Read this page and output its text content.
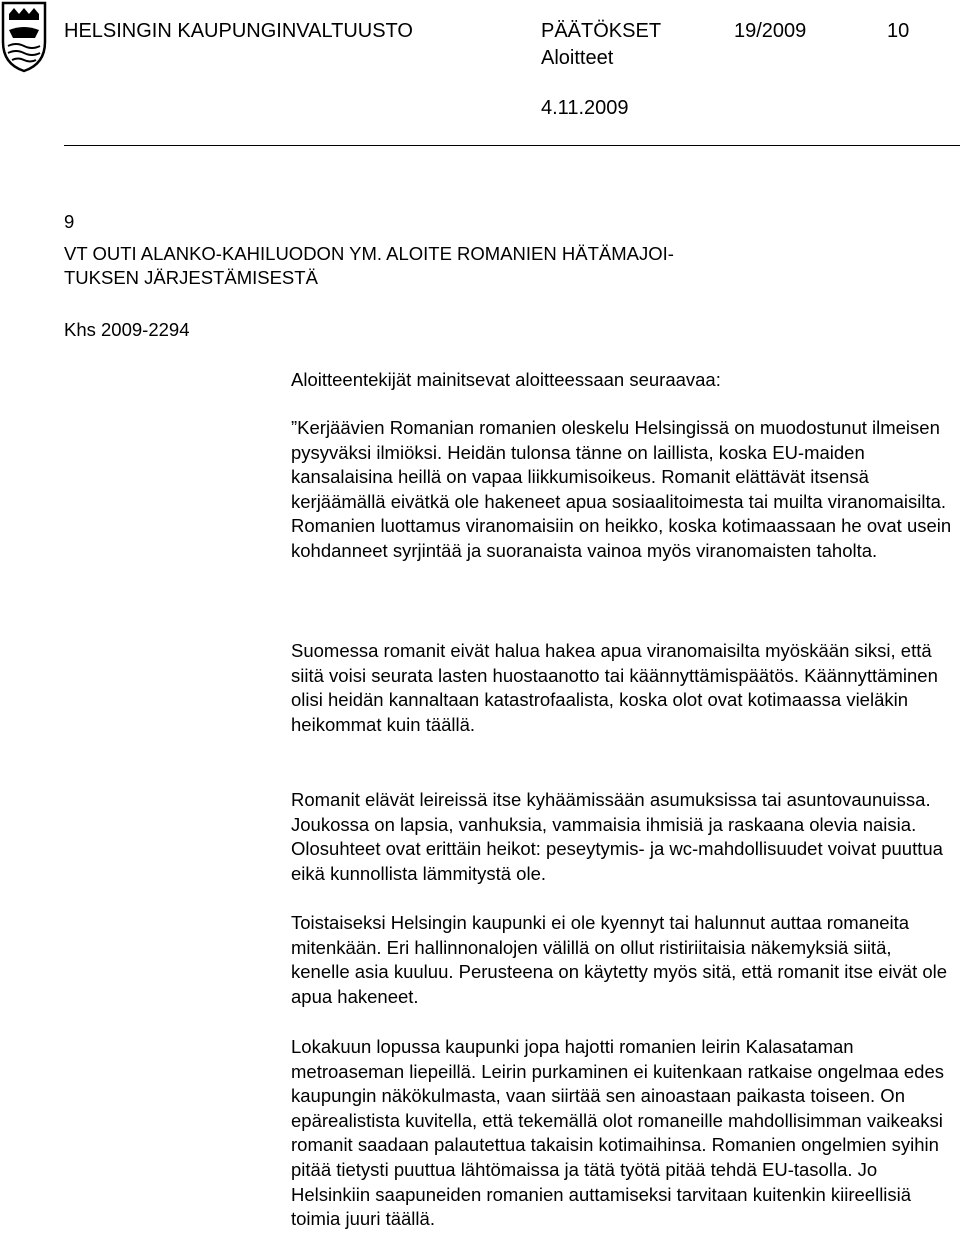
HELSINGIN KAUPUNGINVALTUUSTO	PÄÄTÖKSET	19/2009	10
Aloitteet
4.11.2009
9
VT OUTI ALANKO-KAHILUODON YM. ALOITE ROMANIEN HÄTÄMAJOI-
TUKSEN JÄRJESTÄMISESTÄ
Khs 2009-2294
Aloitteentekijät mainitsevat aloitteessaan seuraavaa:
”Kerjäävien Romanian romanien oleskelu Helsingissä on muodostunut ilmeisen pysyväksi ilmiöksi. Heidän tulonsa tänne on laillista, koska EU-maiden kansalaisina heillä on vapaa liikkumisoikeus. Romanit elättävät itsensä kerjäämällä eivätkä ole hakeneet apua sosiaalitoimesta tai muilta viranomaisilta. Romanien luottamus viranomaisiin on heikko, koska kotimaassaan he ovat usein kohdanneet syrjintää ja suoranaista vainoa myös viranomaisten taholta.
Suomessa romanit eivät halua hakea apua viranomaisilta myöskään siksi, että siitä voisi seurata lasten huostaanotto tai käännyttämispäätös. Käännyttäminen olisi heidän kannaltaan katastrofaalista, koska olot ovat kotimaassa vieläkin heikommat kuin täällä.
Romanit elävät leireissä itse kyhäämissään asumuksissa tai asuntovaunuissa. Joukossa on lapsia, vanhuksia, vammaisia ihmisiä ja raskaana olevia naisia. Olosuhteet ovat erittäin heikot: peseytymis- ja wc-mahdollisuudet voivat puuttua eikä kunnollista lämmitystä ole.
Toistaiseksi Helsingin kaupunki ei ole kyennyt tai halunnut auttaa romaneita mitenkään. Eri hallinnonalojen välillä on ollut ristiriitaisia näkemyksiä siitä, kenelle asia kuuluu. Perusteena on käytetty myös sitä, että romanit itse eivät ole apua hakeneet.
Lokakuun lopussa kaupunki jopa hajotti romanien leirin Kalasataman metroaseman liepeillä. Leirin purkaminen ei kuitenkaan ratkaise ongelmaa edes kaupungin näkökulmasta, vaan siirtää sen ainoastaan paikasta toiseen. On epärealistista kuvitella, että tekemällä olot romaneille mahdollisimman vaikeaksi romanit saadaan palautettua takaisin kotimaihinsa. Romanien ongelmien syihin pitää tietysti puuttua lähtömaissa ja tätä työtä pitää tehdä EU-tasolla. Jo Helsinkiin saapuneiden romanien auttamiseksi tarvitaan kuitenkin kiireellisiä toimia juuri täällä.
